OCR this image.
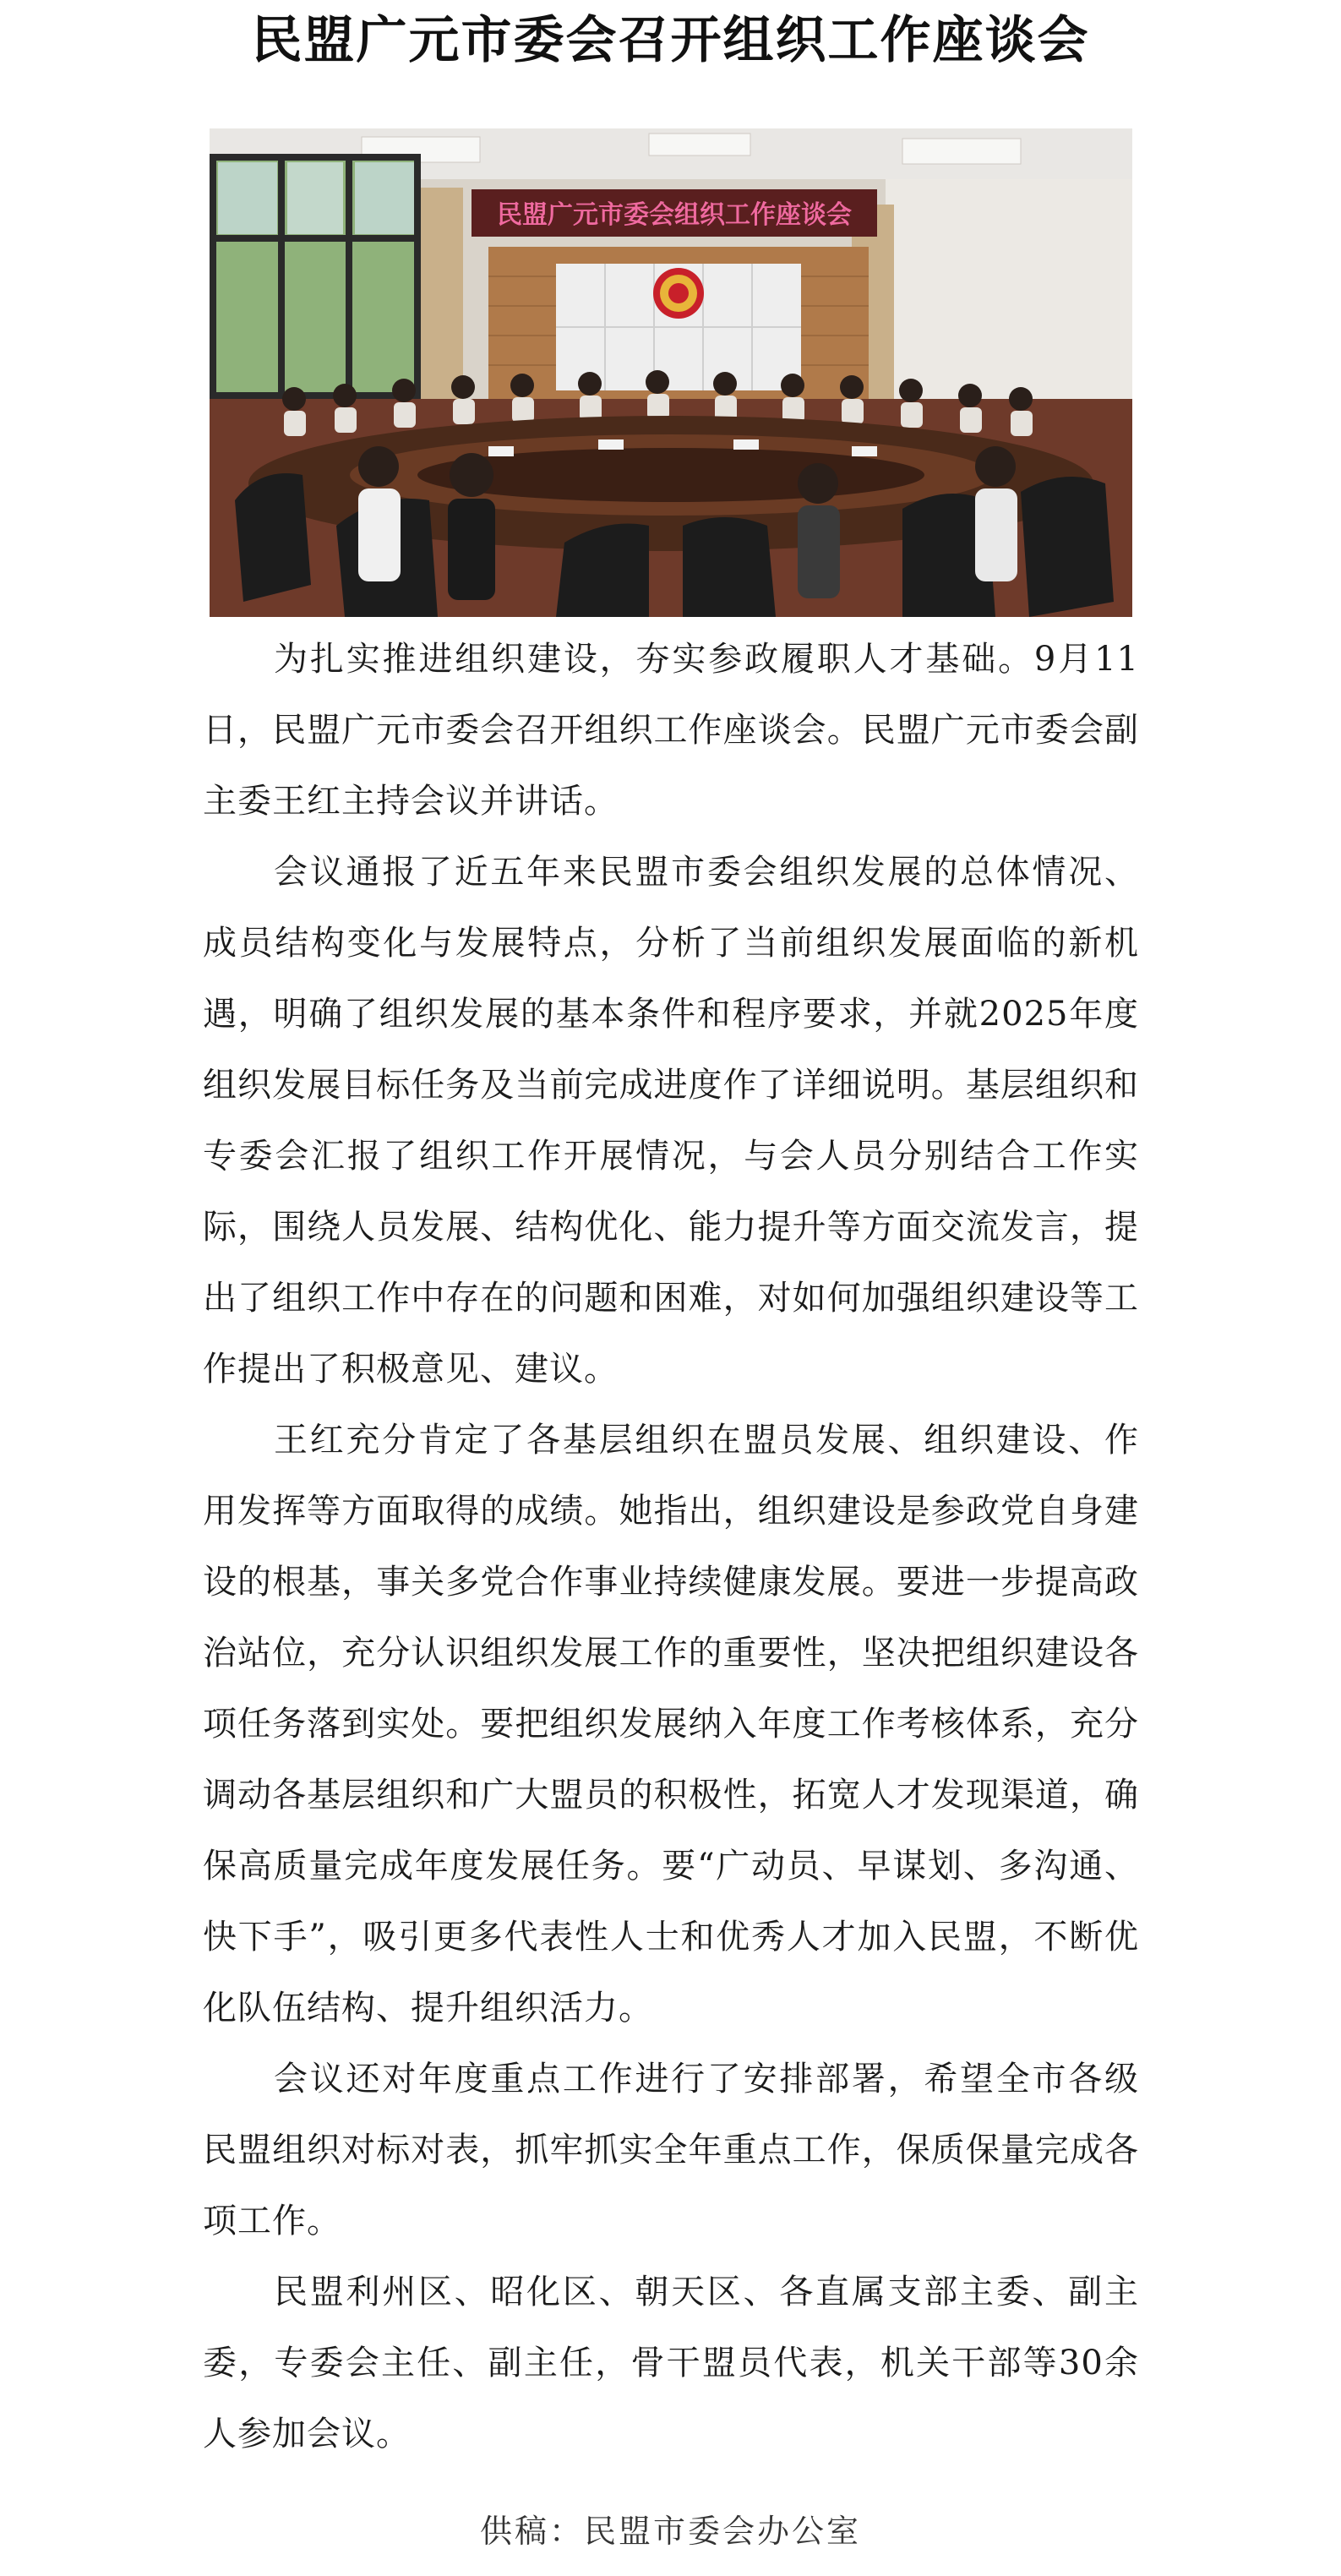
民盟广元市委会召开组织工作座谈会
民盟广元市委会组织工作座谈会

为扎实推进组织建设，夯实参政履职人才基础。9月11日，民盟广元市委会召开组织工作座谈会。民盟广元市委会副主委王红主持会议并讲话。

会议通报了近五年来民盟市委会组织发展的总体情况、成员结构变化与发展特点，分析了当前组织发展面临的新机遇，明确了组织发展的基本条件和程序要求，并就2025年度组织发展目标任务及当前完成进度作了详细说明。基层组织和专委会汇报了组织工作开展情况，与会人员分别结合工作实际，围绕人员发展、结构优化、能力提升等方面交流发言，提出了组织工作中存在的问题和困难，对如何加强组织建设等工作提出了积极意见、建议。

王红充分肯定了各基层组织在盟员发展、组织建设、作用发挥等方面取得的成绩。她指出，组织建设是参政党自身建设的根基，事关多党合作事业持续健康发展。要进一步提高政治站位，充分认识组织发展工作的重要性，坚决把组织建设各项任务落到实处。要把组织发展纳入年度工作考核体系，充分调动各基层组织和广大盟员的积极性，拓宽人才发现渠道，确保高质量完成年度发展任务。要“广动员、早谋划、多沟通、快下手”，吸引更多代表性人士和优秀人才加入民盟，不断优化队伍结构、提升组织活力。

会议还对年度重点工作进行了安排部署，希望全市各级民盟组织对标对表，抓牢抓实全年重点工作，保质保量完成各项工作。

民盟利州区、昭化区、朝天区、各直属支部主委、副主委，专委会主任、副主任，骨干盟员代表，机关干部等30余人参加会议。

供稿：民盟市委会办公室
